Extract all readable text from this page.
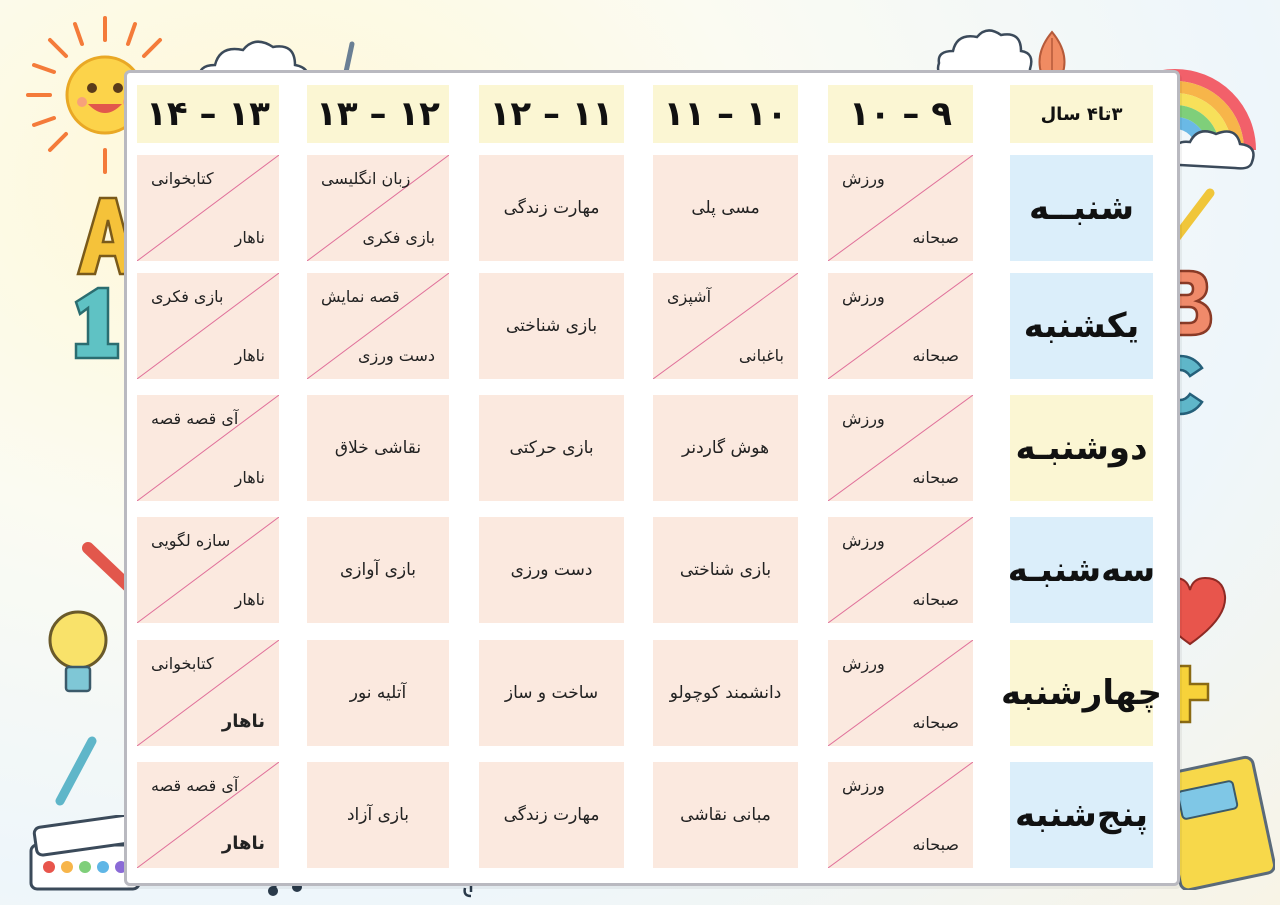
۳تا۴ سال
۹ – ۱۰
۱۰ – ۱۱
۱۱ – ۱۲
۱۲ – ۱۳
۱۳ – ۱۴
شنبــه
ورزش
صبحانه
مسی پلی
مهارت زندگی
زبان انگلیسی
بازی فکری
کتابخوانی
ناهار
یکشنبه
ورزش
صبحانه
آشپزی
باغبانی
بازی شناختی
قصه نمایش
دست ورزی
بازی فکری
ناهار
دوشنبـه
ورزش
صبحانه
هوش گاردنر
بازی حرکتی
نقاشی خلاق
آی قصه قصه
ناهار
سه‌شنبـه
ورزش
صبحانه
بازی شناختی
دست ورزی
بازی آوازی
سازه لگویی
ناهار
چهارشنبه
ورزش
صبحانه
دانشمند کوچولو
ساخت و ساز
آتلیه نور
کتابخوانی
ناهار
پنج‌شنبه
ورزش
صبحانه
مبانی نقاشی
مهارت زندگی
بازی آزاد
آی قصه قصه
ناهار
